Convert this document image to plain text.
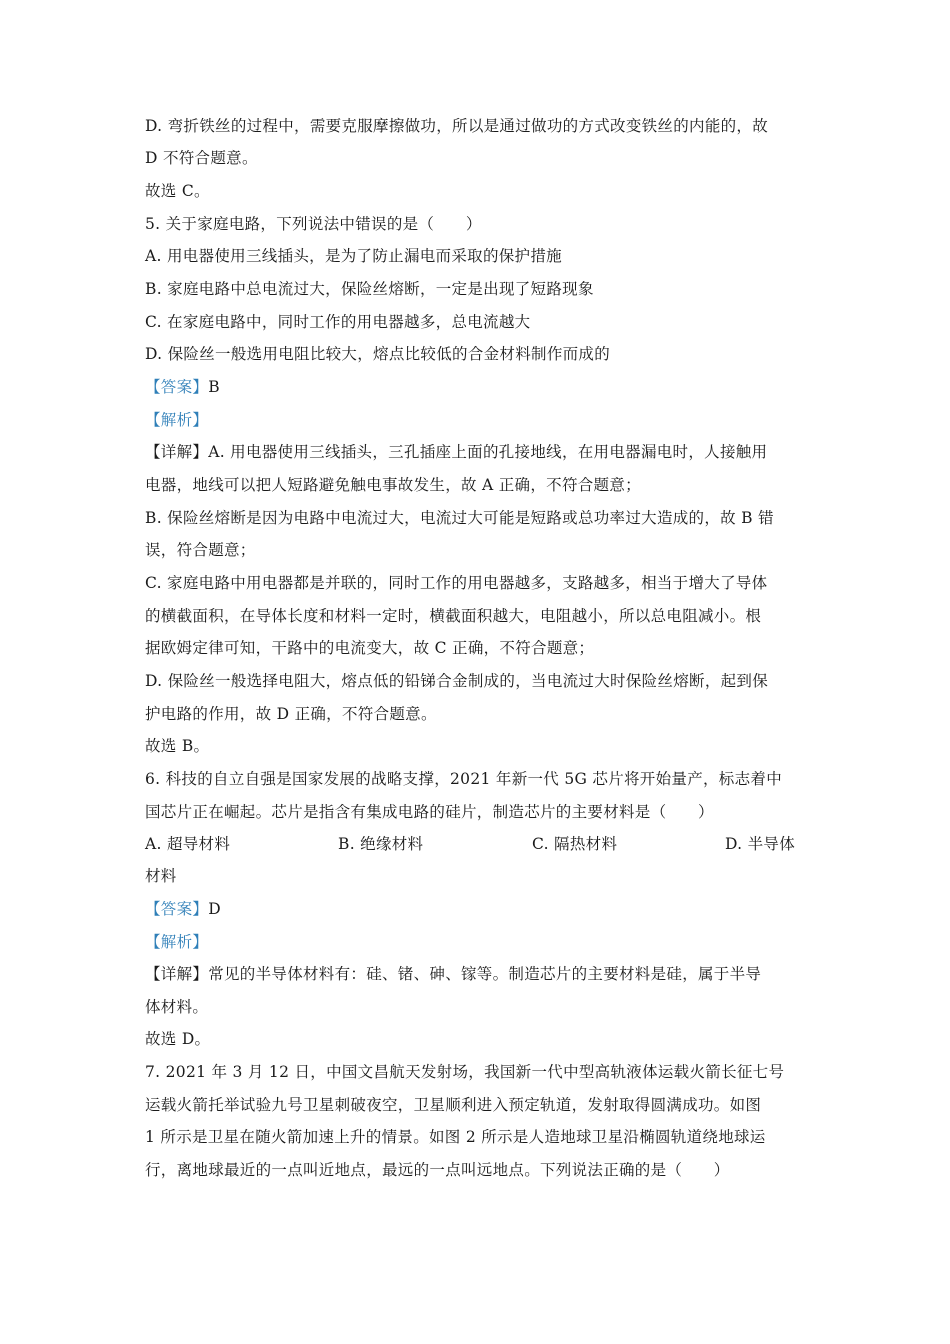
D. 弯折铁丝的过程中，需要克服摩擦做功，所以是通过做功的方式改变铁丝的内能的，故
D 不符合题意。
故选 C。
5. 关于家庭电路，下列说法中错误的是（　　）
A. 用电器使用三线插头，是为了防止漏电而采取的保护措施
B. 家庭电路中总电流过大，保险丝熔断，一定是出现了短路现象
C. 在家庭电路中，同时工作的用电器越多，总电流越大
D. 保险丝一般选用电阻比较大，熔点比较低的合金材料制作而成的
【答案】B
【解析】
【详解】A. 用电器使用三线插头，三孔插座上面的孔接地线，在用电器漏电时，人接触用
电器，地线可以把人短路避免触电事故发生，故 A 正确，不符合题意；
B. 保险丝熔断是因为电路中电流过大，电流过大可能是短路或总功率过大造成的，故 B 错
误，符合题意；
C. 家庭电路中用电器都是并联的，同时工作的用电器越多，支路越多，相当于增大了导体
的横截面积，在导体长度和材料一定时，横截面积越大，电阻越小，所以总电阻减小。根
据欧姆定律可知，干路中的电流变大，故 C 正确，不符合题意；
D. 保险丝一般选择电阻大，熔点低的铅锑合金制成的，当电流过大时保险丝熔断，起到保
护电路的作用，故 D 正确，不符合题意。
故选 B。
6. 科技的自立自强是国家发展的战略支撑，2021 年新一代 5G 芯片将开始量产，标志着中
国芯片正在崛起。芯片是指含有集成电路的硅片，制造芯片的主要材料是（　　）
A. 超导材料	B. 绝缘材料	C. 隔热材料	D. 半导体
材料
【答案】D
【解析】
【详解】常见的半导体材料有：硅、锗、砷、镓等。制造芯片的主要材料是硅，属于半导
体材料。
故选 D。
7. 2021 年 3 月 12 日，中国文昌航天发射场，我国新一代中型高轨液体运载火箭长征七号
运载火箭托举试验九号卫星刺破夜空，卫星顺利进入预定轨道，发射取得圆满成功。如图
1 所示是卫星在随火箭加速上升的情景。如图 2 所示是人造地球卫星沿椭圆轨道绕地球运
行，离地球最近的一点叫近地点，最远的一点叫远地点。下列说法正确的是（　　）
